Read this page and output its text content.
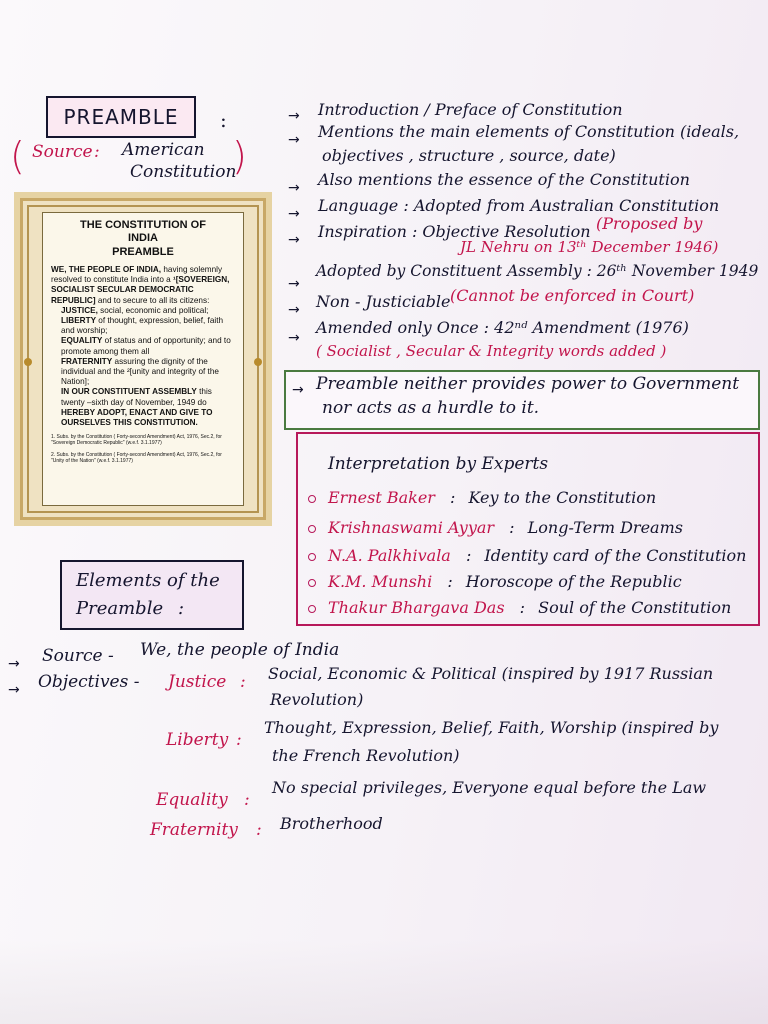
PREAMBLE :
( Source : American
Constitution
)
THE CONSTITUTION OF
INDIA
PREAMBLE
WE, THE PEOPLE OF INDIA, having solemnly resolved to constitute India into a ¹[SOVEREIGN, SOCIALIST SECULAR DEMOCRATIC REPUBLIC] and to secure to all its citizens:
JUSTICE, social, economic and political;
LIBERTY of thought, expression, belief, faith and worship;
EQUALITY of status and of opportunity; and to promote among them all
FRATERNITY assuring the dignity of the individual and the ²[unity and integrity of the Nation];
IN OUR CONSTITUENT ASSEMBLY this twenty –sixth day of November, 1949 do HEREBY ADOPT, ENACT AND GIVE TO OURSELVES THIS CONSTITUTION.
1. Subs. by the Constitution ( Forty-second Amendment) Act, 1976, Sec.2, for "Sovereign Democratic Republic" (w.e.f. 3.1.1977)
2. Subs. by the Constitution ( Forty-second Amendment) Act, 1976, Sec.2, for "Unity of the Nation" (w.e.f. 3.1.1977)
→ Introduction / Preface of Constitution
→ Mentions the main elements of Constitution (ideals,
objectives , structure , source, date)
→ Also mentions the essence of the Constitution
→ Language : Adopted from Australian Constitution
→ Inspiration : Objective Resolution (Proposed by
JL Nehru on 13ᵗʰ December 1946)
→
Adopted by Constituent Assembly : 26ᵗʰ November 1949
→ Non - Justiciable (Cannot be enforced in Court)
→
Amended only Once : 42ⁿᵈ Amendment (1976)
( Socialist , Secular & Integrity words added )
→ Preamble neither provides power to Government
nor acts as a hurdle to it.
Interpretation by Experts
Ernest Baker : Key to the Constitution
Krishnaswami Ayyar : Long-Term Dreams
N.A. Palkhivala : Identity card of the Constitution
K.M. Munshi : Horoscope of the Republic
Thakur Bhargava Das : Soul of the Constitution
Elements of the
Preamble :
→ Source - We, the people of India
→ Objectives - Justice : Social, Economic & Political (inspired by 1917 Russian
Revolution)
Liberty :
Thought, Expression, Belief, Faith, Worship (inspired by
the French Revolution)
Equality :
No special privileges, Everyone equal before the Law
Fraternity : Brotherhood
